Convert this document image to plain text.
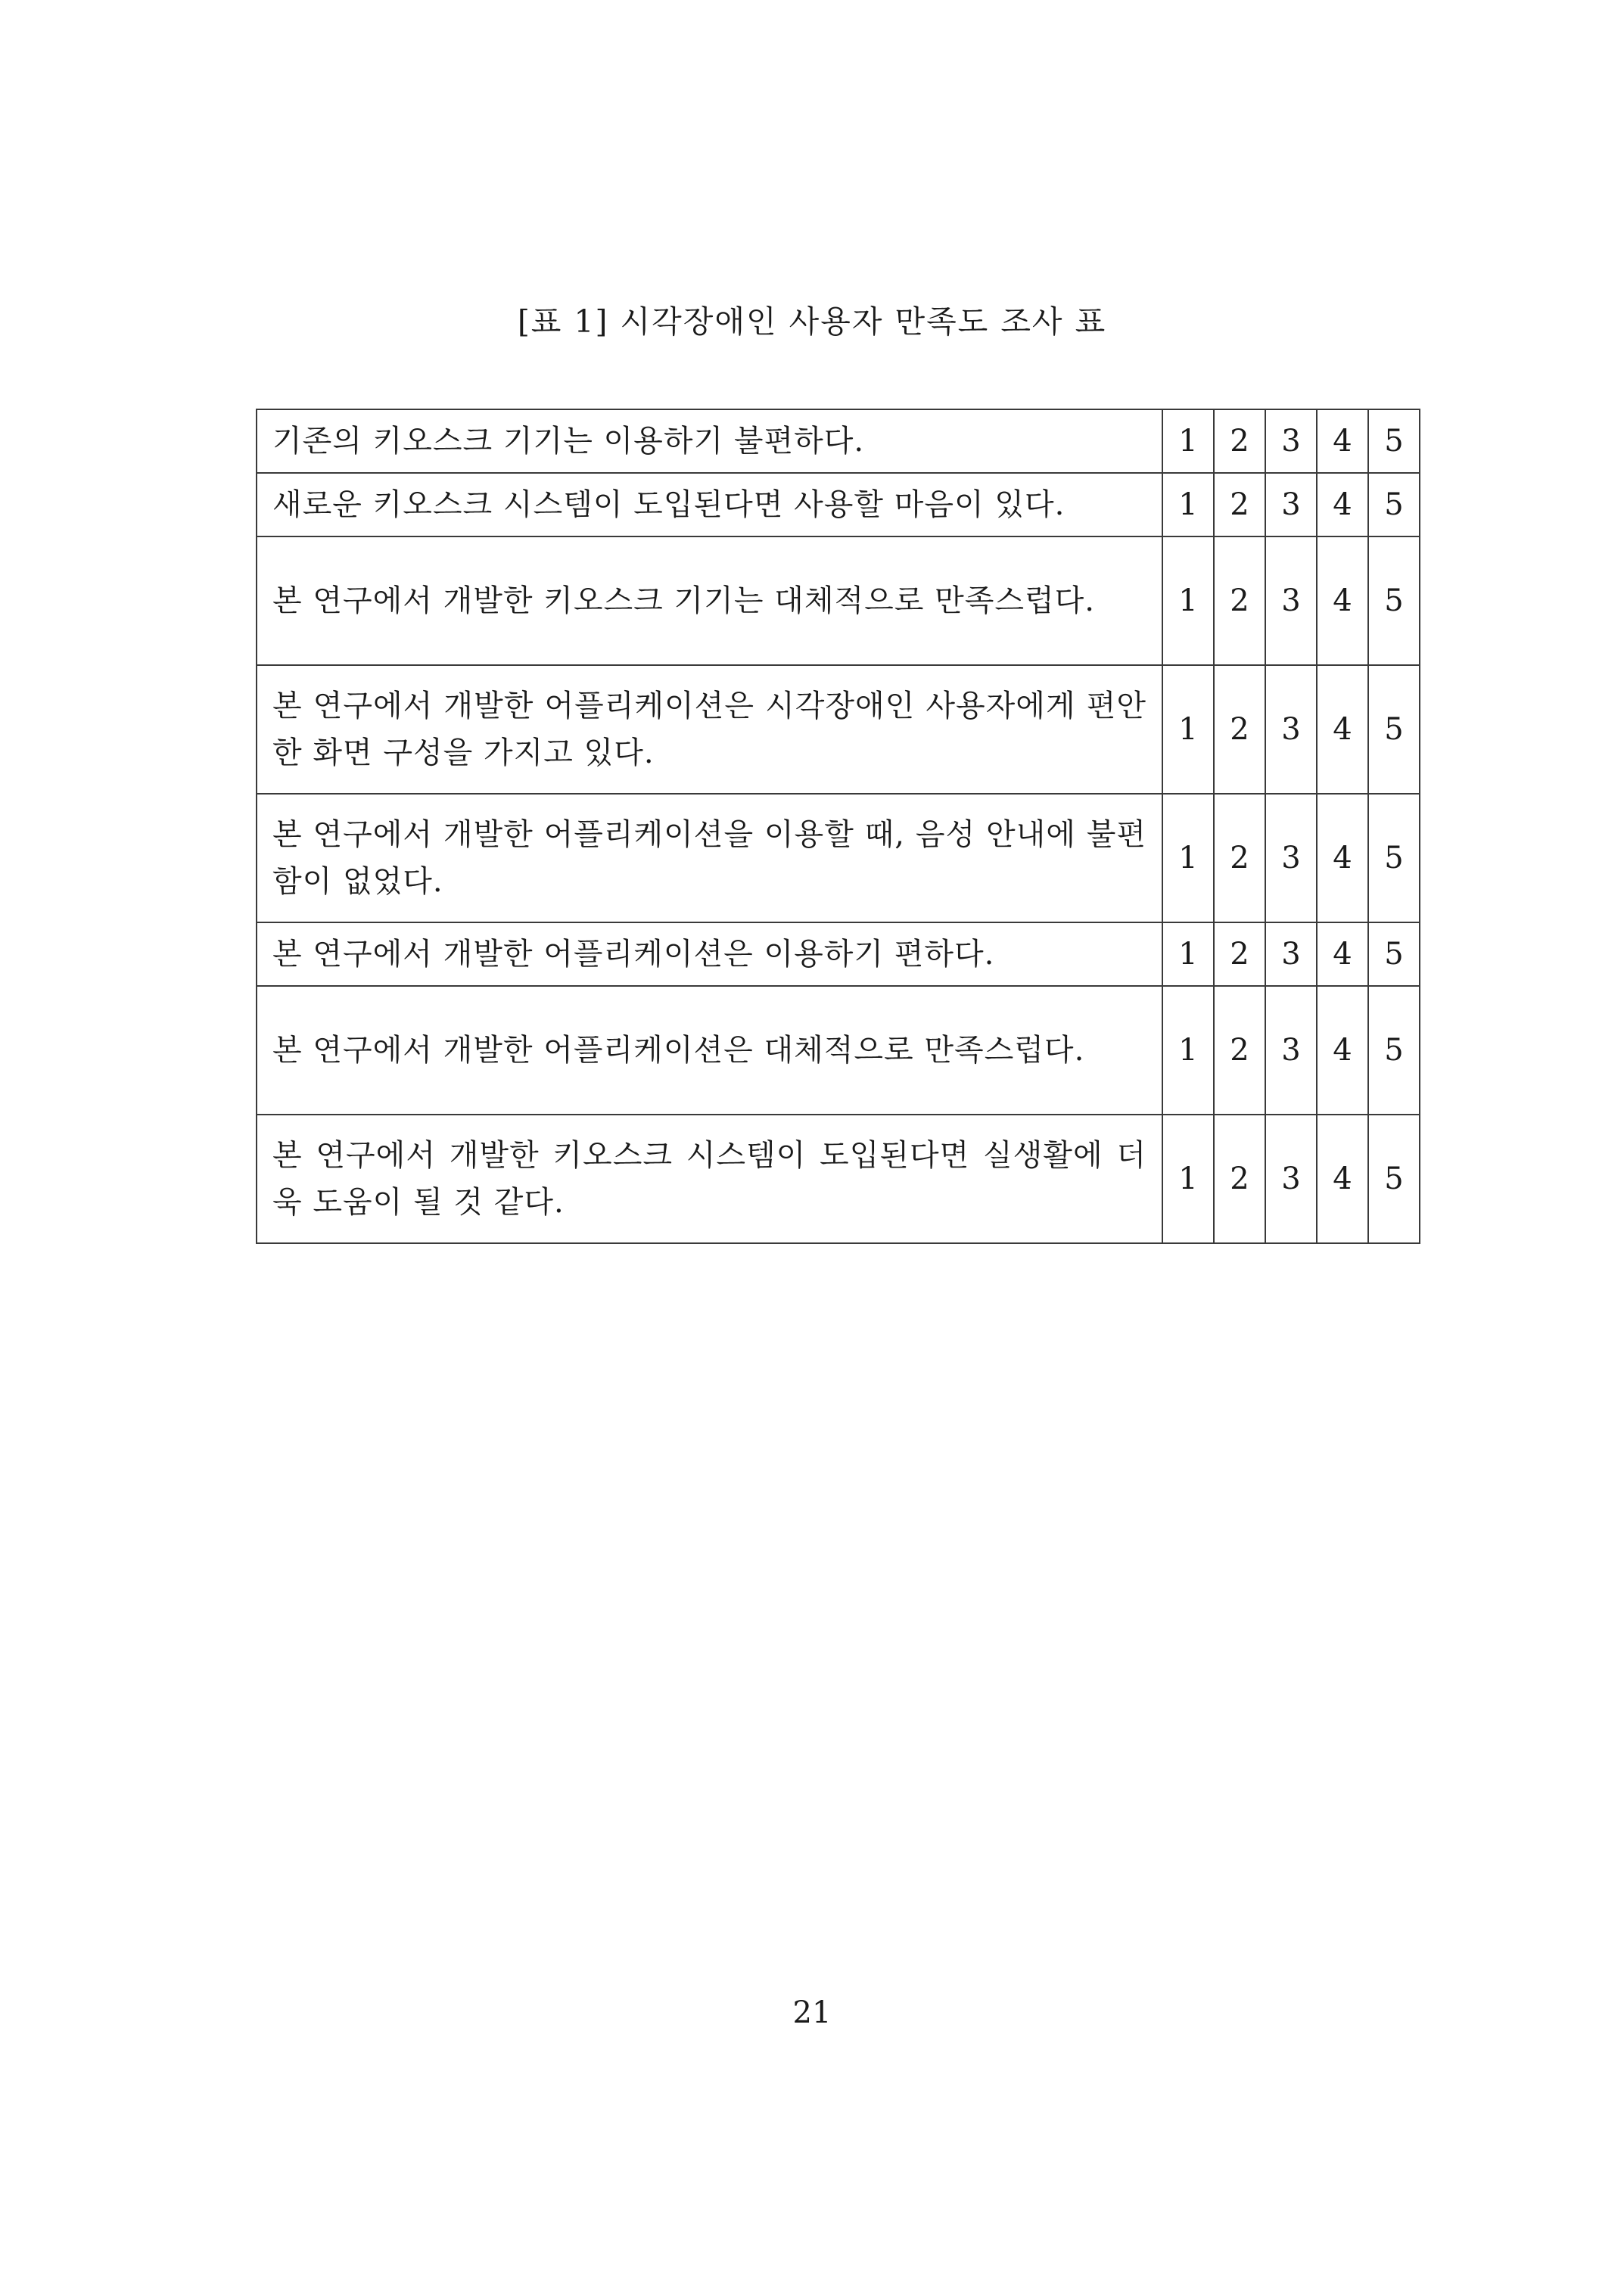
[표 1] 시각장애인 사용자 만족도 조사 표
기존의 키오스크 기기는 이용하기 불편하다.	1	2	3	4	5
새로운 키오스크 시스템이 도입된다면 사용할 마음이 있다.	1	2	3	4	5
본 연구에서 개발한 키오스크 기기는 대체적으로 만족스럽다.	1	2	3	4	5
본 연구에서 개발한 어플리케이션은 시각장애인 사용자에게 편안한 화면 구성을 가지고 있다.	1	2	3	4	5
본 연구에서 개발한 어플리케이션을 이용할 때, 음성 안내에 불편함이 없었다.	1	2	3	4	5
본 연구에서 개발한 어플리케이션은 이용하기 편하다.	1	2	3	4	5
본 연구에서 개발한 어플리케이션은 대체적으로 만족스럽다.	1	2	3	4	5
본 연구에서 개발한 키오스크 시스템이 도입된다면 실생활에 더욱 도움이 될 것 같다.	1	2	3	4	5
21
